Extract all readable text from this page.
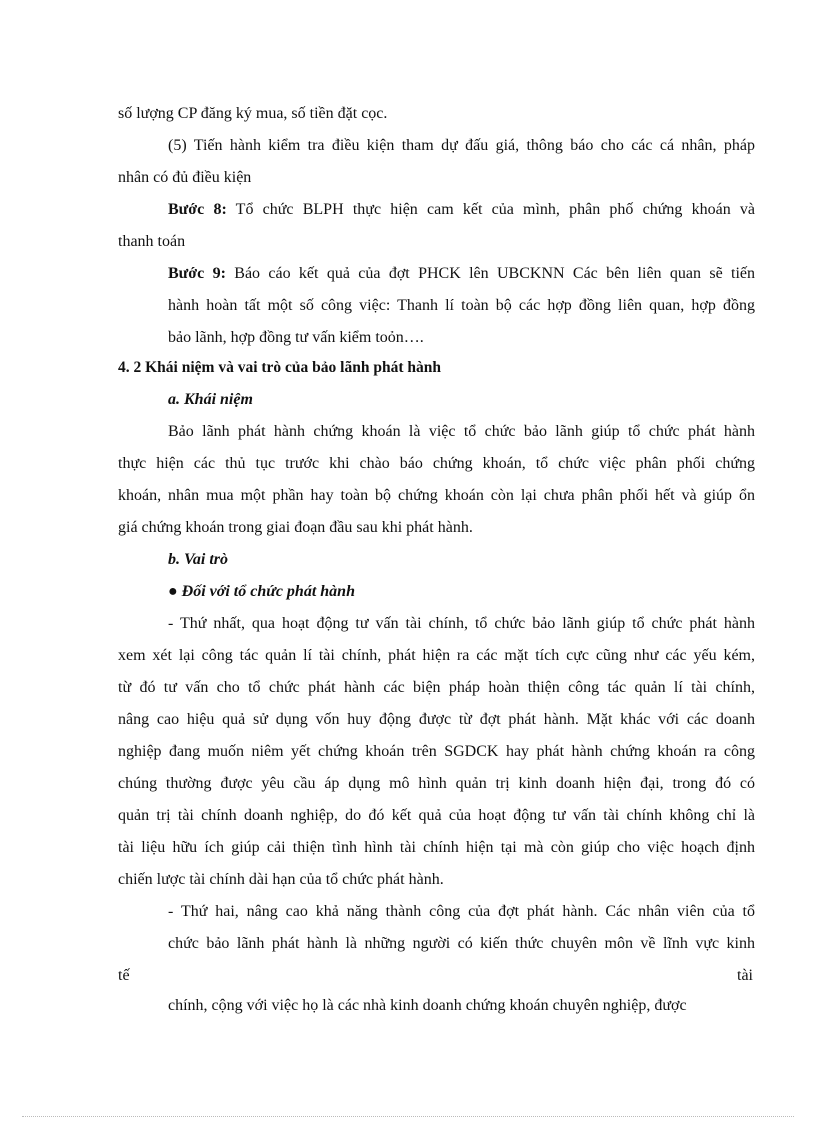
số lượng CP đăng ký mua, số tiền đặt cọc.
(5) Tiến hành kiểm tra điều kiện tham dự đấu giá, thông báo cho các cá nhân, pháp
nhân có đủ điều kiện
Bước 8: Tổ chức BLPH thực hiện cam kết của mình, phân phố chứng khoán và
thanh toán
Bước 9: Báo cáo kết quả của đợt PHCK lên UBCKNN Các bên liên quan sẽ tiến
hành hoàn tất một số công việc: Thanh lí toàn bộ các hợp đồng liên quan, hợp đồng
bảo lãnh, hợp đồng tư vấn kiểm toỏn….
4. 2 Khái niệm và vai trò của bảo lãnh phát hành
a. Khái niệm
Bảo lãnh phát hành chứng khoán là việc tổ chức bảo lãnh giúp tổ chức phát hành
thực hiện các thủ tục trước khi chào báo chứng khoán, tổ chức việc phân phối chứng
khoán, nhân mua một phần hay toàn bộ chứng khoán còn lại chưa phân phối hết và giúp ổn
giá chứng khoán trong giai đoạn đầu sau khi phát hành.
b. Vai trò
● Đối với tổ chức phát hành
- Thứ nhất, qua hoạt động tư vấn tài chính, tổ chức bảo lãnh giúp tổ chức phát hành
xem xét lại công tác quản lí tài chính, phát hiện ra các mặt tích cực cũng như các yếu kém,
từ đó tư vấn cho tổ chức phát hành các biện pháp hoàn thiện công tác quản lí tài chính,
nâng cao hiệu quả sử dụng vốn huy động được từ đợt phát hành. Mặt khác với các doanh
nghiệp đang muốn niêm yết chứng khoán trên SGDCK hay phát hành chứng khoán ra công
chúng thường được yêu cầu áp dụng mô hình quản trị kinh doanh hiện đại, trong đó có
quản trị tài chính doanh nghiệp, do đó kết quả của hoạt động tư vấn tài chính không chỉ là
tài liệu hữu ích giúp cải thiện tình hình tài chính hiện tại mà còn giúp cho việc hoạch định
chiến lược tài chính dài hạn của tổ chức phát hành.
- Thứ hai, nâng cao khả năng thành công của đợt phát hành. Các nhân viên của tổ
chức bảo lãnh phát hành là những người có kiến thức chuyên môn về lĩnh vực kinh
tế	tài
chính, cộng với việc họ là các nhà kinh doanh chứng khoán chuyên nghiệp, được
